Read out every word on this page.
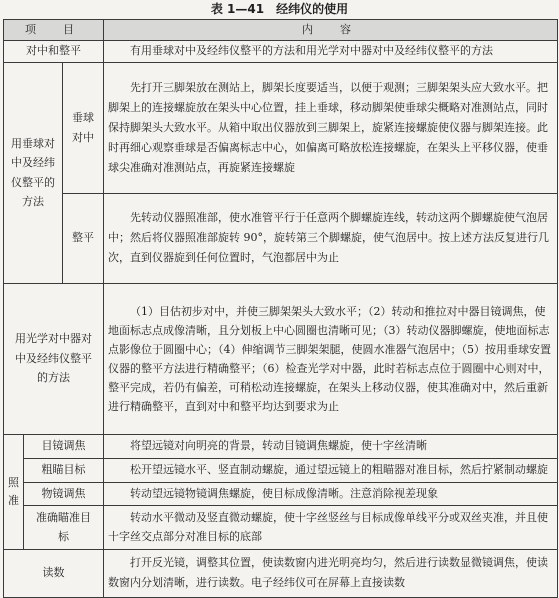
表 1—41　经纬仪的使用
项　目			内　容
对中和整平			有用垂球对中及经纬仪整平的方法和用光学对中器对中及经纬仪整平的方法
用垂球对中及经纬仪整平的方法		垂球对中	先打开三脚架放在测站上，脚架长度要适当，以便于观测；三脚架架头应大致水平。把脚架上的连接螺旋放在架头中心位置，挂上垂球，移动脚架使垂球尖概略对准测站点，同时保持脚架头大致水平。从箱中取出仪器放到三脚架上，旋紧连接螺旋使仪器与脚架连接。此时再细心观察垂球是否偏离标志中心，如偏离可略放松连接螺旋，在架头上平移仪器，使垂球尖准确对准测站点，再旋紧连接螺旋
		整平	先转动仪器照准部，使水准管平行于任意两个脚螺旋连线，转动这两个脚螺旋使气泡居中；然后将仪器照准部旋转 90°，旋转第三个脚螺旋，使气泡居中。按上述方法反复进行几次，直到仪器旋到任何位置时，气泡都居中为止
用光学对中器对中及经纬仪整平的方法			（1）目估初步对中，并使三脚架架头大致水平；（2）转动和推拉对中器目镜调焦，使地面标志点成像清晰，且分划板上中心圆圈也清晰可见；（3）转动仪器脚螺旋，使地面标志点影像位于圆圈中心；（4）伸缩调节三脚架架腿，使圆水准器气泡居中；（5）按用垂球安置仪器的整平方法进行精确整平；（6）检查光学对中器，此时若标志点位于圆圈中心则对中，整平完成，若仍有偏差，可稍松动连接螺旋，在架头上移动仪器，使其准确对中，然后重新进行精确整平，直到对中和整平均达到要求为止
照准	目镜调焦		将望远镜对向明亮的背景，转动目镜调焦螺旋，使十字丝清晰
	粗瞄目标		松开望远镜水平、竖直制动螺旋，通过望远镜上的粗瞄器对准目标，然后拧紧制动螺旋
	物镜调焦		转动望远镜物镜调焦螺旋，使目标成像清晰。注意消除视差现象
	准确瞄准目标		转动水平微动及竖直微动螺旋，使十字丝竖丝与目标成像单线平分或双丝夹准，并且使十字丝交点部分对准目标的底部
读数			打开反光镜，调整其位置，使读数窗内进光明亮均匀，然后进行读数显微镜调焦，使读数窗内分划清晰，进行读数。电子经纬仪可在屏幕上直接读数
